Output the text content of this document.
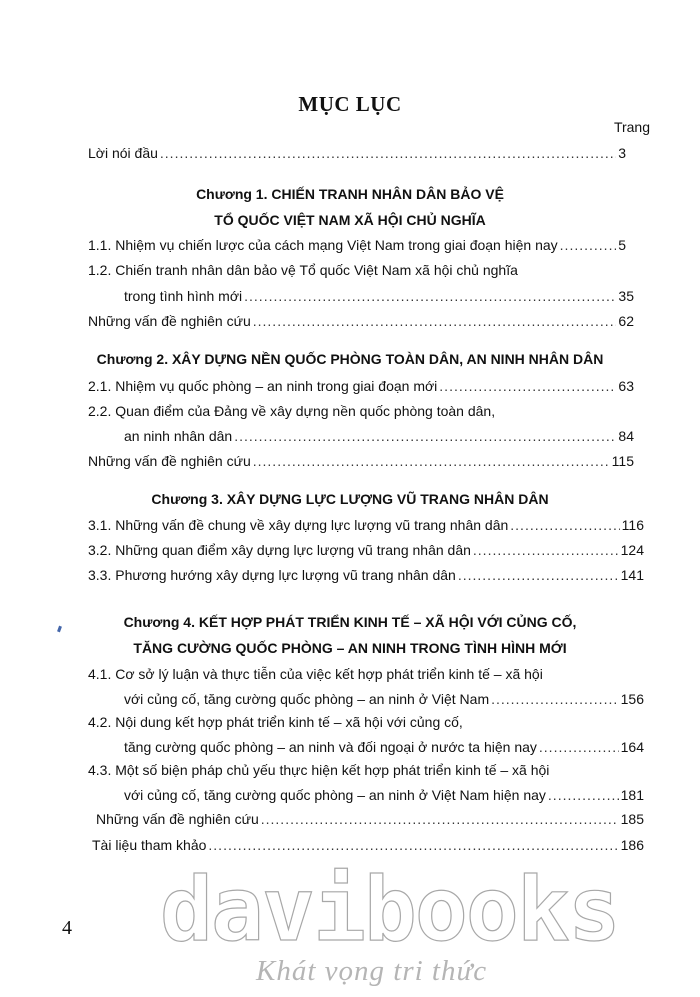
MỤC LỤC
Trang
Lời nói đầu .....	3
Chương 1. CHIẾN TRANH NHÂN DÂN BẢO VỆ
TỔ QUỐC VIỆT NAM XÃ HỘI CHỦ NGHĨA
1.1. Nhiệm vụ chiến lược của cách mạng Việt Nam trong giai đoạn hiện nay .....	5
1.2. Chiến tranh nhân dân bảo vệ Tổ quốc Việt Nam xã hội chủ nghĩa
trong tình hình mới .....	35
Những vấn đề nghiên cứu .....	62
Chương 2. XÂY DỰNG NỀN QUỐC PHÒNG TOÀN DÂN, AN NINH NHÂN DÂN
2.1. Nhiệm vụ quốc phòng – an ninh trong giai đoạn mới .....	63
2.2. Quan điểm của Đảng về xây dựng nền quốc phòng toàn dân,
an ninh nhân dân .....	84
Những vấn đề nghiên cứu .....	115
Chương 3. XÂY DỰNG LỰC LƯỢNG VŨ TRANG NHÂN DÂN
3.1. Những vấn đề chung về xây dựng lực lượng vũ trang nhân dân .....	116
3.2. Những quan điểm xây dựng lực lượng vũ trang nhân dân .....	124
3.3. Phương hướng xây dựng lực lượng vũ trang nhân dân .....	141
Chương 4. KẾT HỢP PHÁT TRIỂN KINH TẾ – XÃ HỘI VỚI CỦNG CỐ,
TĂNG CƯỜNG QUỐC PHÒNG – AN NINH TRONG TÌNH HÌNH MỚI
4.1. Cơ sở lý luận và thực tiễn của việc kết hợp phát triển kinh tế – xã hội
với củng cố, tăng cường quốc phòng – an ninh ở Việt Nam .....	156
4.2. Nội dung kết hợp phát triển kinh tế – xã hội với củng cố,
tăng cường quốc phòng – an ninh và đối ngoại ở nước ta hiện nay .....	164
4.3. Một số biện pháp chủ yếu thực hiện kết hợp phát triển kinh tế – xã hội
với củng cố, tăng cường quốc phòng – an ninh ở Việt Nam hiện nay .....	181
Những vấn đề nghiên cứu .....	185
Tài liệu tham khảo .....	186
4 davibooks
Khát vọng tri thức
